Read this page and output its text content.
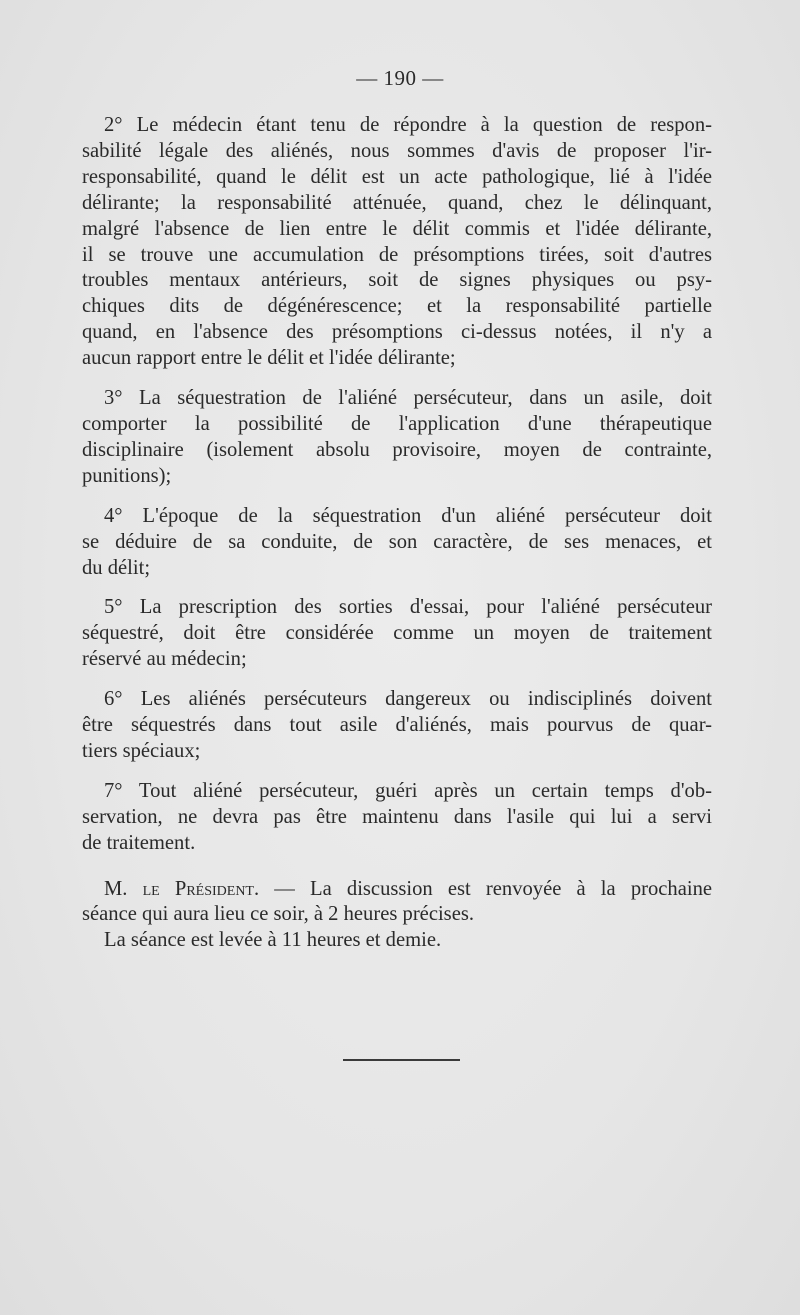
— 190 —
2° Le médecin étant tenu de répondre à la question de respon-
sabilité légale des aliénés, nous sommes d'avis de proposer l'ir-
responsabilité, quand le délit est un acte pathologique, lié à l'idée
délirante; la responsabilité atténuée, quand, chez le délinquant,
malgré l'absence de lien entre le délit commis et l'idée délirante,
il se trouve une accumulation de présomptions tirées, soit d'autres
troubles mentaux antérieurs, soit de signes physiques ou psy-
chiques dits de dégénérescence; et la responsabilité partielle
quand, en l'absence des présomptions ci-dessus notées, il n'y a
aucun rapport entre le délit et l'idée délirante;
3° La séquestration de l'aliéné persécuteur, dans un asile, doit
comporter la possibilité de l'application d'une thérapeutique
disciplinaire (isolement absolu provisoire, moyen de contrainte,
punitions);
4° L'époque de la séquestration d'un aliéné persécuteur doit
se déduire de sa conduite, de son caractère, de ses menaces, et
du délit;
5° La prescription des sorties d'essai, pour l'aliéné persécuteur
séquestré, doit être considérée comme un moyen de traitement
réservé au médecin;
6° Les aliénés persécuteurs dangereux ou indisciplinés doivent
être séquestrés dans tout asile d'aliénés, mais pourvus de quar-
tiers spéciaux;
7° Tout aliéné persécuteur, guéri après un certain temps d'ob-
servation, ne devra pas être maintenu dans l'asile qui lui a servi
de traitement.
M. le Président. — La discussion est renvoyée à la prochaine
séance qui aura lieu ce soir, à 2 heures précises.
La séance est levée à 11 heures et demie.
